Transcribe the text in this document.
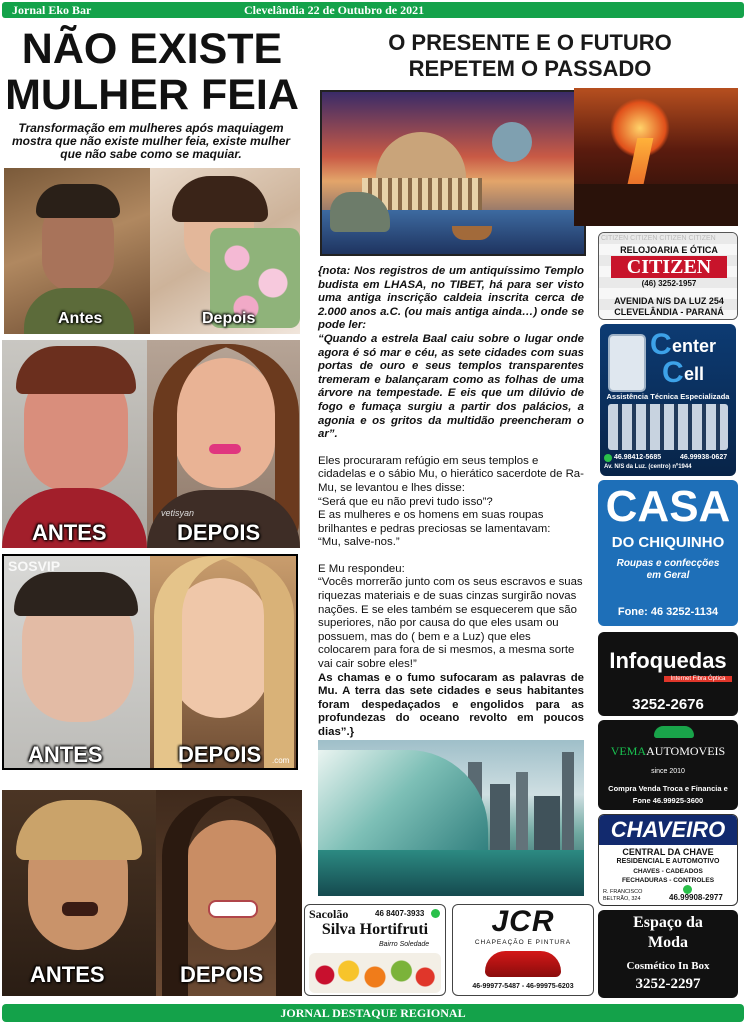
Jornal Eko Bar	Clevelândia 22 de Outubro de 2021
NÃO EXISTE
MULHER FEIA
Transformação em mulheres após maquiagem mostra que não existe mulher feia, existe mulher que não sabe como se maquiar.
Antes	Depois
ANTES
vetisyan
DEPOIS
SOSVIP
ANTES	DEPOIS .com
ANTES	DEPOIS
O PRESENTE E O FUTURO
REPETEM O PASSADO

{nota: Nos registros de um antiquíssimo Templo budista em LHASA, no TIBET, há para ser visto uma antiga inscrição caldeia inscrita cerca de 2.000 anos a.C. (ou mais antiga ainda…) onde se pode ler:

“Quando a estrela Baal caiu sobre o lugar onde agora é só mar e céu, as sete cidades com suas portas de ouro e seus templos transparentes tremeram e balançaram como as folhas de uma árvore na tempestade. E eis que um dilúvio de fogo e fumaça surgiu a partir dos palácios, a agonia e os gritos da multidão preencheram o ar”.

Eles procuraram refúgio em seus templos e cidadelas e o sábio Mu, o hierático sacerdote de Ra-Mu, se levantou e lhes disse:

“Será que eu não previ tudo isso”?

E as mulheres e os homens em suas roupas brilhantes e pedras preciosas se lamentavam:

“Mu, salve-nos.”

E Mu respondeu:

“Vocês morrerão junto com os seus escravos e suas riquezas materiais e de suas cinzas surgirão novas nações. E se eles também se esquecerem que são superiores, não por causa do que eles usam ou possuem, mas do ( bem e a Luz) que eles colocarem para fora de si mesmos, a mesma sorte vai cair sobre eles!”

As chamas e o fumo sufocaram as palavras de Mu. A terra das sete cidades e seus habitantes foram despedaçados e engolidos para as profundezas do oceano revolto em poucos dias”.}

CITIZEN CITIZEN CITIZEN CITIZEN
RELOJOARIA E ÓTICA
CITIZEN
(46) 3252-1957
AVENIDA N/S DA LUZ 254
CLEVELÂNDIA - PARANÁ
C enter
C ell
Assistência Técnica Especializada
46.98412-5685	46.99938-0627
Av. N/S da Luz. (centro) nº1944
CASA
DO CHIQUINHO
Roupas e confecções
em Geral
Fone: 46 3252-1134
Infoquedas
Internet Fibra Óptica
3252-2676
VEMAAUTOMOVEIS
since 2010
Compra Venda Troca e Financia e
Fone 46.99925-3600
CHAVEIRO
CENTRAL DA CHAVE
RESIDENCIAL E AUTOMOTIVO
CHAVES - CADEADOS
FECHADURAS - CONTROLES
R. FRANCISCO
BELTRÃO, 324	46.99908-2977
Espaço da
Moda
Cosmético In Box
3252-2297
Sacolão	46 8407-3933
Silva Hortifruti
Bairro Soledade
JCR
CHAPEAÇÃO E PINTURA
46-99977-5487 - 46-99975-6203
JORNAL DESTAQUE REGIONAL
